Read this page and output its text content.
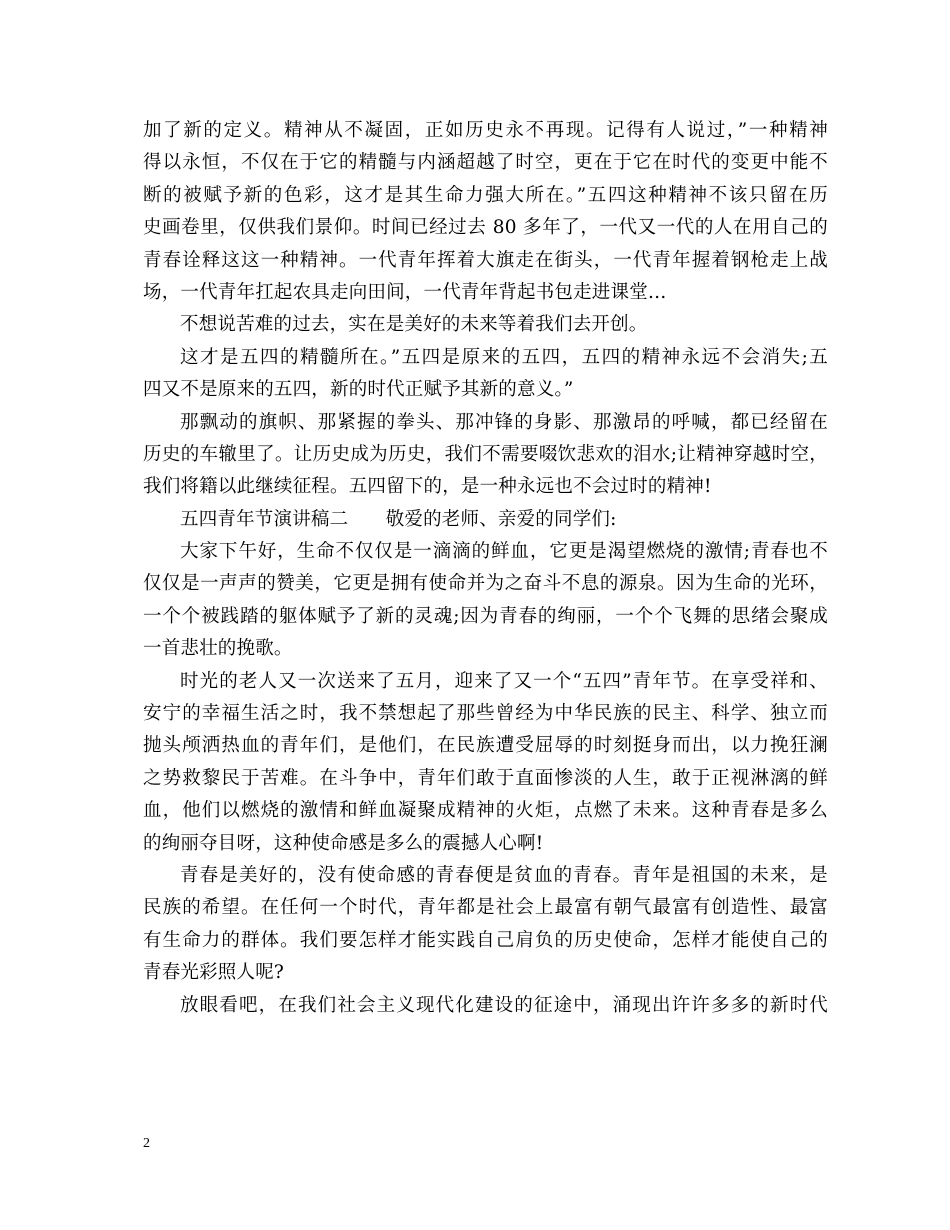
加了新的定义。精神从不凝固，正如历史永不再现。记得有人说过，”一种精神
得以永恒，不仅在于它的精髓与内涵超越了时空，更在于它在时代的变更中能不
断的被赋予新的色彩，这才是其生命力强大所在。”五四这种精神不该只留在历
史画卷里，仅供我们景仰。时间已经过去 80 多年了，一代又一代的人在用自己的
青春诠释这这一种精神。一代青年挥着大旗走在街头，一代青年握着钢枪走上战
场，一代青年扛起农具走向田间，一代青年背起书包走进课堂…
不想说苦难的过去，实在是美好的未来等着我们去开创。
这才是五四的精髓所在。”五四是原来的五四，五四的精神永远不会消失;五
四又不是原来的五四，新的时代正赋予其新的意义。”
那飘动的旗帜、那紧握的拳头、那冲锋的身影、那激昂的呼喊，都已经留在
历史的车辙里了。让历史成为历史，我们不需要啜饮悲欢的泪水;让精神穿越时空，
我们将籍以此继续征程。五四留下的，是一种永远也不会过时的精神!
五四青年节演讲稿二　　敬爱的老师、亲爱的同学们:
大家下午好，生命不仅仅是一滴滴的鲜血，它更是渴望燃烧的激情;青春也不
仅仅是一声声的赞美，它更是拥有使命并为之奋斗不息的源泉。因为生命的光环，
一个个被践踏的躯体赋予了新的灵魂;因为青春的绚丽，一个个飞舞的思绪会聚成
一首悲壮的挽歌。
时光的老人又一次送来了五月，迎来了又一个“五四”青年节。在享受祥和、
安宁的幸福生活之时，我不禁想起了那些曾经为中华民族的民主、科学、独立而
抛头颅洒热血的青年们，是他们，在民族遭受屈辱的时刻挺身而出，以力挽狂澜
之势救黎民于苦难。在斗争中，青年们敢于直面惨淡的人生，敢于正视淋漓的鲜
血，他们以燃烧的激情和鲜血凝聚成精神的火炬，点燃了未来。这种青春是多么
的绚丽夺目呀，这种使命感是多么的震撼人心啊!
青春是美好的，没有使命感的青春便是贫血的青春。青年是祖国的未来，是
民族的希望。在任何一个时代，青年都是社会上最富有朝气最富有创造性、最富
有生命力的群体。我们要怎样才能实践自己肩负的历史使命，怎样才能使自己的
青春光彩照人呢?
放眼看吧，在我们社会主义现代化建设的征途中，涌现出许许多多的新时代
2
